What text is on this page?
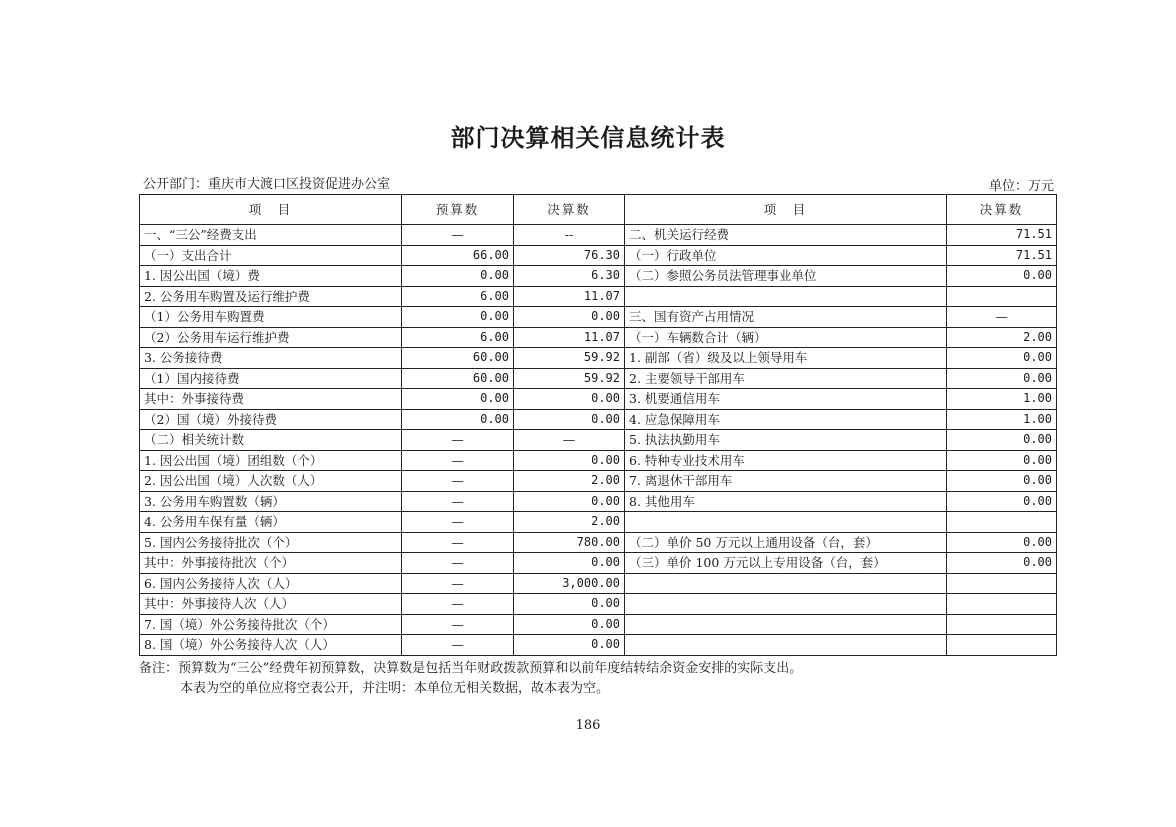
部门决算相关信息统计表
公开部门：重庆市大渡口区投资促进办公室	单位：万元
项　目	预算数	决算数	项　目	决算数
一、“三公”经费支出	—	--	二、机关运行经费	71.51
（一）支出合计	66.00	76.30	（一）行政单位	71.51
1. 因公出国（境）费	0.00	6.30	（二）参照公务员法管理事业单位	0.00
2. 公务用车购置及运行维护费	6.00	11.07		
（1）公务用车购置费	0.00	0.00	三、国有资产占用情况	—
（2）公务用车运行维护费	6.00	11.07	（一）车辆数合计（辆）	2.00
3. 公务接待费	60.00	59.92	1. 副部（省）级及以上领导用车	0.00
（1）国内接待费	60.00	59.92	2. 主要领导干部用车	0.00
其中：外事接待费	0.00	0.00	3. 机要通信用车	1.00
（2）国（境）外接待费	0.00	0.00	4. 应急保障用车	1.00
（二）相关统计数	—	—	5. 执法执勤用车	0.00
1. 因公出国（境）团组数（个）	—	0.00	6. 特种专业技术用车	0.00
2. 因公出国（境）人次数（人）	—	2.00	7. 离退休干部用车	0.00
3. 公务用车购置数（辆）	—	0.00	8. 其他用车	0.00
4. 公务用车保有量（辆）	—	2.00		
5. 国内公务接待批次（个）	—	780.00	（二）单价 50 万元以上通用设备（台，套）	0.00
其中：外事接待批次（个）	—	0.00	（三）单价 100 万元以上专用设备（台，套）	0.00
6. 国内公务接待人次（人）	—	3,000.00		
其中：外事接待人次（人）	—	0.00		
7. 国（境）外公务接待批次（个）	—	0.00		
8. 国（境）外公务接待人次（人）	—	0.00		
备注：预算数为“三公”经费年初预算数，决算数是包括当年财政拨款预算和以前年度结转结余资金安排的实际支出。
本表为空的单位应将空表公开，并注明：本单位无相关数据，故本表为空。
186
